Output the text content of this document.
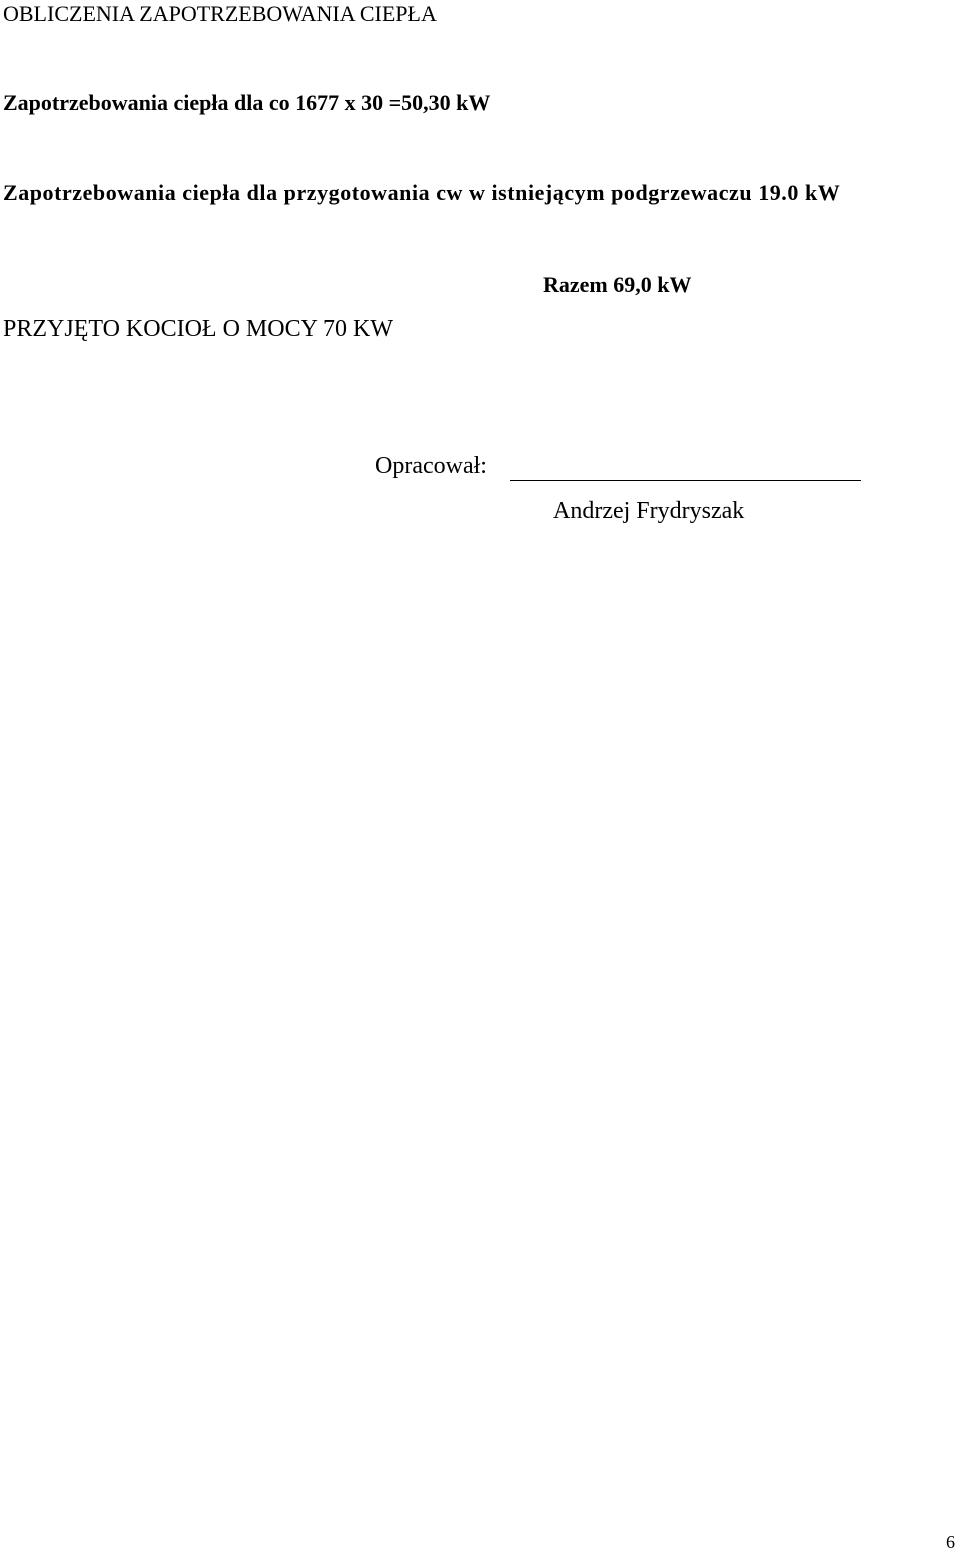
OBLICZENIA ZAPOTRZEBOWANIA CIEPŁA
Zapotrzebowania ciepła dla co 1677 x 30 =50,30 kW
Zapotrzebowania ciepła dla przygotowania cw w istniejącym podgrzewaczu 19.0 kW
Razem 69,0 kW
PRZYJĘTO KOCIOŁ O MOCY 70 KW
Opracował:
Andrzej Frydryszak
6
